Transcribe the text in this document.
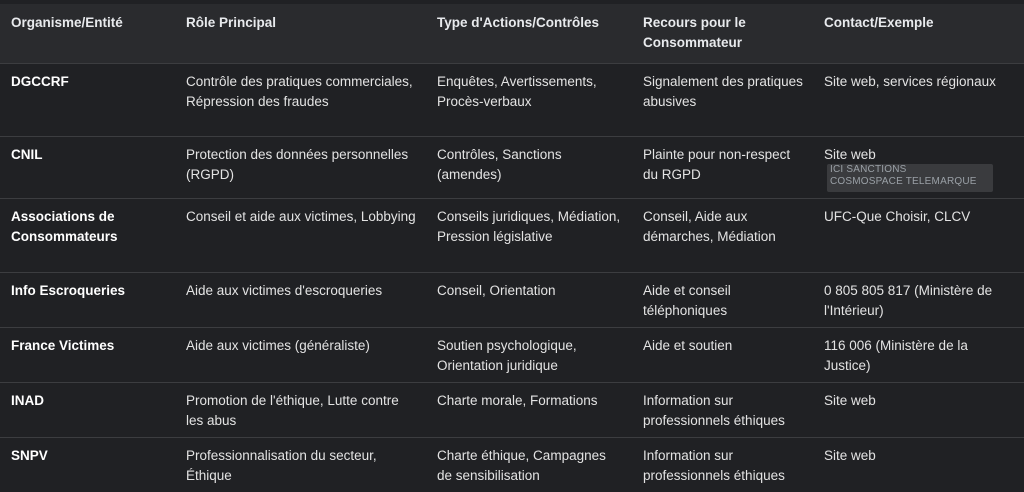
Organisme/Entité	Rôle Principal	Type d'Actions/Contrôles	Recours pour le Consommateur	Contact/Exemple
DGCCRF	Contrôle des pratiques commerciales, Répression des fraudes	Enquêtes, Avertissements, Procès-verbaux	Signalement des pratiques abusives	Site web, services régionaux
CNIL	Protection des données personnelles (RGPD)	Contrôles, Sanctions (amendes)	Plainte pour non-respect du RGPD	Site web
ICI SANCTIONS
COSMOSPACE TELEMARQUE

Associations de Consommateurs	Conseil et aide aux victimes, Lobbying	Conseils juridiques, Médiation, Pression législative	Conseil, Aide aux démarches, Médiation	UFC-Que Choisir, CLCV
Info Escroqueries	Aide aux victimes d'escroqueries	Conseil, Orientation	Aide et conseil téléphoniques	0 805 805 817 (Ministère de l'Intérieur)
France Victimes	Aide aux victimes (généraliste)	Soutien psychologique, Orientation juridique	Aide et soutien	116 006 (Ministère de la Justice)
INAD	Promotion de l'éthique, Lutte contre les abus	Charte morale, Formations	Information sur professionnels éthiques	Site web
SNPV	Professionnalisation du secteur, Éthique	Charte éthique, Campagnes de sensibilisation	Information sur professionnels éthiques	Site web
